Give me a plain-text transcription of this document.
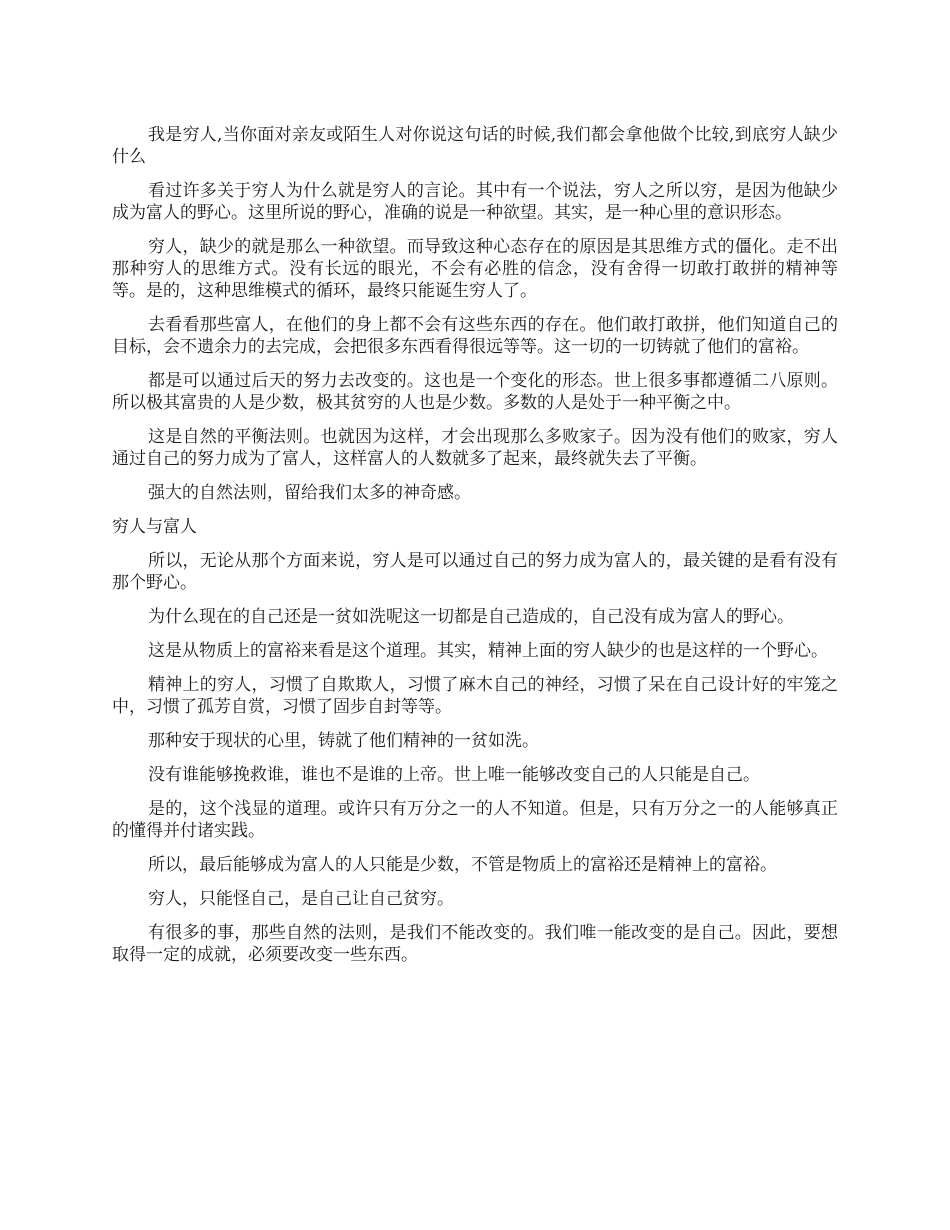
我是穷人,当你面对亲友或陌生人对你说这句话的时候,我们都会拿他做个比较,到底穷人缺少什么

看过许多关于穷人为什么就是穷人的言论。其中有一个说法，穷人之所以穷，是因为他缺少成为富人的野心。这里所说的野心，准确的说是一种欲望。其实，是一种心里的意识形态。

穷人，缺少的就是那么一种欲望。而导致这种心态存在的原因是其思维方式的僵化。走不出那种穷人的思维方式。没有长远的眼光，不会有必胜的信念，没有舍得一切敢打敢拼的精神等等。是的，这种思维模式的循环，最终只能诞生穷人了。

去看看那些富人，在他们的身上都不会有这些东西的存在。他们敢打敢拼，他们知道自己的目标，会不遗余力的去完成，会把很多东西看得很远等等。这一切的一切铸就了他们的富裕。

都是可以通过后天的努力去改变的。这也是一个变化的形态。世上很多事都遵循二八原则。所以极其富贵的人是少数，极其贫穷的人也是少数。多数的人是处于一种平衡之中。

这是自然的平衡法则。也就因为这样，才会出现那么多败家子。因为没有他们的败家，穷人通过自己的努力成为了富人，这样富人的人数就多了起来，最终就失去了平衡。

强大的自然法则，留给我们太多的神奇感。

穷人与富人

所以，无论从那个方面来说，穷人是可以通过自己的努力成为富人的，最关键的是看有没有那个野心。

为什么现在的自己还是一贫如洗呢这一切都是自己造成的，自己没有成为富人的野心。

这是从物质上的富裕来看是这个道理。其实，精神上面的穷人缺少的也是这样的一个野心。

精神上的穷人，习惯了自欺欺人，习惯了麻木自己的神经，习惯了呆在自己设计好的牢笼之中，习惯了孤芳自赏，习惯了固步自封等等。

那种安于现状的心里，铸就了他们精神的一贫如洗。

没有谁能够挽救谁，谁也不是谁的上帝。世上唯一能够改变自己的人只能是自己。

是的，这个浅显的道理。或许只有万分之一的人不知道。但是，只有万分之一的人能够真正的懂得并付诸实践。

所以，最后能够成为富人的人只能是少数，不管是物质上的富裕还是精神上的富裕。

穷人，只能怪自己，是自己让自己贫穷。

有很多的事，那些自然的法则，是我们不能改变的。我们唯一能改变的是自己。因此，要想取得一定的成就，必须要改变一些东西。
